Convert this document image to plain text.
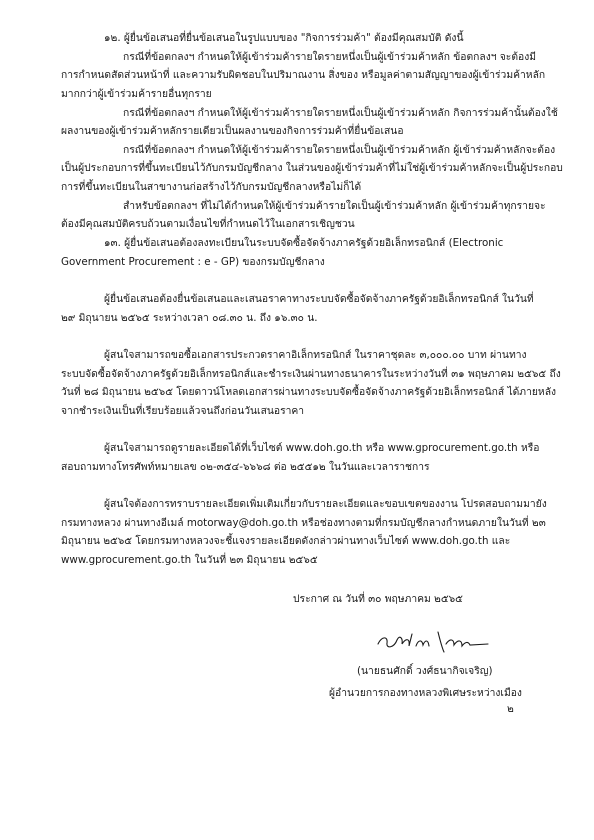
๑๒. ผู้ยื่นข้อเสนอที่ยื่นข้อเสนอในรูปแบบของ "กิจการร่วมค้า" ต้องมีคุณสมบัติ ดังนี้
กรณีที่ข้อตกลงฯ กำหนดให้ผู้เข้าร่วมค้ารายใดรายหนึ่งเป็นผู้เข้าร่วมค้าหลัก ข้อตกลงฯ จะต้องมี
การกำหนดสัดส่วนหน้าที่ และความรับผิดชอบในปริมาณงาน สิ่งของ หรือมูลค่าตามสัญญาของผู้เข้าร่วมค้าหลัก
มากกว่าผู้เข้าร่วมค้ารายอื่นทุกราย
กรณีที่ข้อตกลงฯ กำหนดให้ผู้เข้าร่วมค้ารายใดรายหนึ่งเป็นผู้เข้าร่วมค้าหลัก กิจการร่วมค้านั้นต้องใช้
ผลงานของผู้เข้าร่วมค้าหลักรายเดียวเป็นผลงานของกิจการร่วมค้าที่ยื่นข้อเสนอ
กรณีที่ข้อตกลงฯ กำหนดให้ผู้เข้าร่วมค้ารายใดรายหนึ่งเป็นผู้เข้าร่วมค้าหลัก ผู้เข้าร่วมค้าหลักจะต้อง
เป็นผู้ประกอบการที่ขึ้นทะเบียนไว้กับกรมบัญชีกลาง ในส่วนของผู้เข้าร่วมค้าที่ไม่ใช่ผู้เข้าร่วมค้าหลักจะเป็นผู้ประกอบ
การที่ขึ้นทะเบียนในสาขางานก่อสร้างไว้กับกรมบัญชีกลางหรือไม่ก็ได้
สำหรับข้อตกลงฯ ที่ไม่ได้กำหนดให้ผู้เข้าร่วมค้ารายใดเป็นผู้เข้าร่วมค้าหลัก ผู้เข้าร่วมค้าทุกรายจะ
ต้องมีคุณสมบัติครบถ้วนตามเงื่อนไขที่กำหนดไว้ในเอกสารเชิญชวน
๑๓. ผู้ยื่นข้อเสนอต้องลงทะเบียนในระบบจัดซื้อจัดจ้างภาครัฐด้วยอิเล็กทรอนิกส์ (Electronic
Government Procurement : e - GP) ของกรมบัญชีกลาง
ผู้ยื่นข้อเสนอต้องยื่นข้อเสนอและเสนอราคาทางระบบจัดซื้อจัดจ้างภาครัฐด้วยอิเล็กทรอนิกส์ ในวันที่
๒๙ มิถุนายน ๒๕๖๕ ระหว่างเวลา ๐๘.๓๐ น. ถึง ๑๖.๓๐ น.
ผู้สนใจสามารถขอซื้อเอกสารประกวดราคาอิเล็กทรอนิกส์ ในราคาชุดละ ๓,๐๐๐.๐๐ บาท ผ่านทาง
ระบบจัดซื้อจัดจ้างภาครัฐด้วยอิเล็กทรอนิกส์และชำระเงินผ่านทางธนาคารในระหว่างวันที่ ๓๑ พฤษภาคม ๒๕๖๕ ถึง
วันที่ ๒๘ มิถุนายน ๒๕๖๕ โดยดาวน์โหลดเอกสารผ่านทางระบบจัดซื้อจัดจ้างภาครัฐด้วยอิเล็กทรอนิกส์ ได้ภายหลัง
จากชำระเงินเป็นที่เรียบร้อยแล้วจนถึงก่อนวันเสนอราคา
ผู้สนใจสามารถดูรายละเอียดได้ที่เว็บไซต์ www.doh.go.th หรือ www.gprocurement.go.th หรือ
สอบถามทางโทรศัพท์หมายเลข ๐๒-๓๕๔-๖๖๖๘ ต่อ ๒๕๕๑๒ ในวันและเวลาราชการ
ผู้สนใจต้องการทราบรายละเอียดเพิ่มเติมเกี่ยวกับรายละเอียดและขอบเขตของงาน โปรดสอบถามมายัง
กรมทางหลวง ผ่านทางอีเมล์ motorway@doh.go.th หรือช่องทางตามที่กรมบัญชีกลางกำหนดภายในวันที่ ๒๓
มิถุนายน ๒๕๖๕ โดยกรมทางหลวงจะชี้แจงรายละเอียดดังกล่าวผ่านทางเว็บไซต์ www.doh.go.th และ
www.gprocurement.go.th ในวันที่ ๒๓ มิถุนายน ๒๕๖๕
ประกาศ ณ วันที่ ๓๐ พฤษภาคม ๒๕๖๕
(นายธนศักดิ์ วงศ์ธนากิจเจริญ)
ผู้อำนวยการกองทางหลวงพิเศษระหว่างเมือง
๒
